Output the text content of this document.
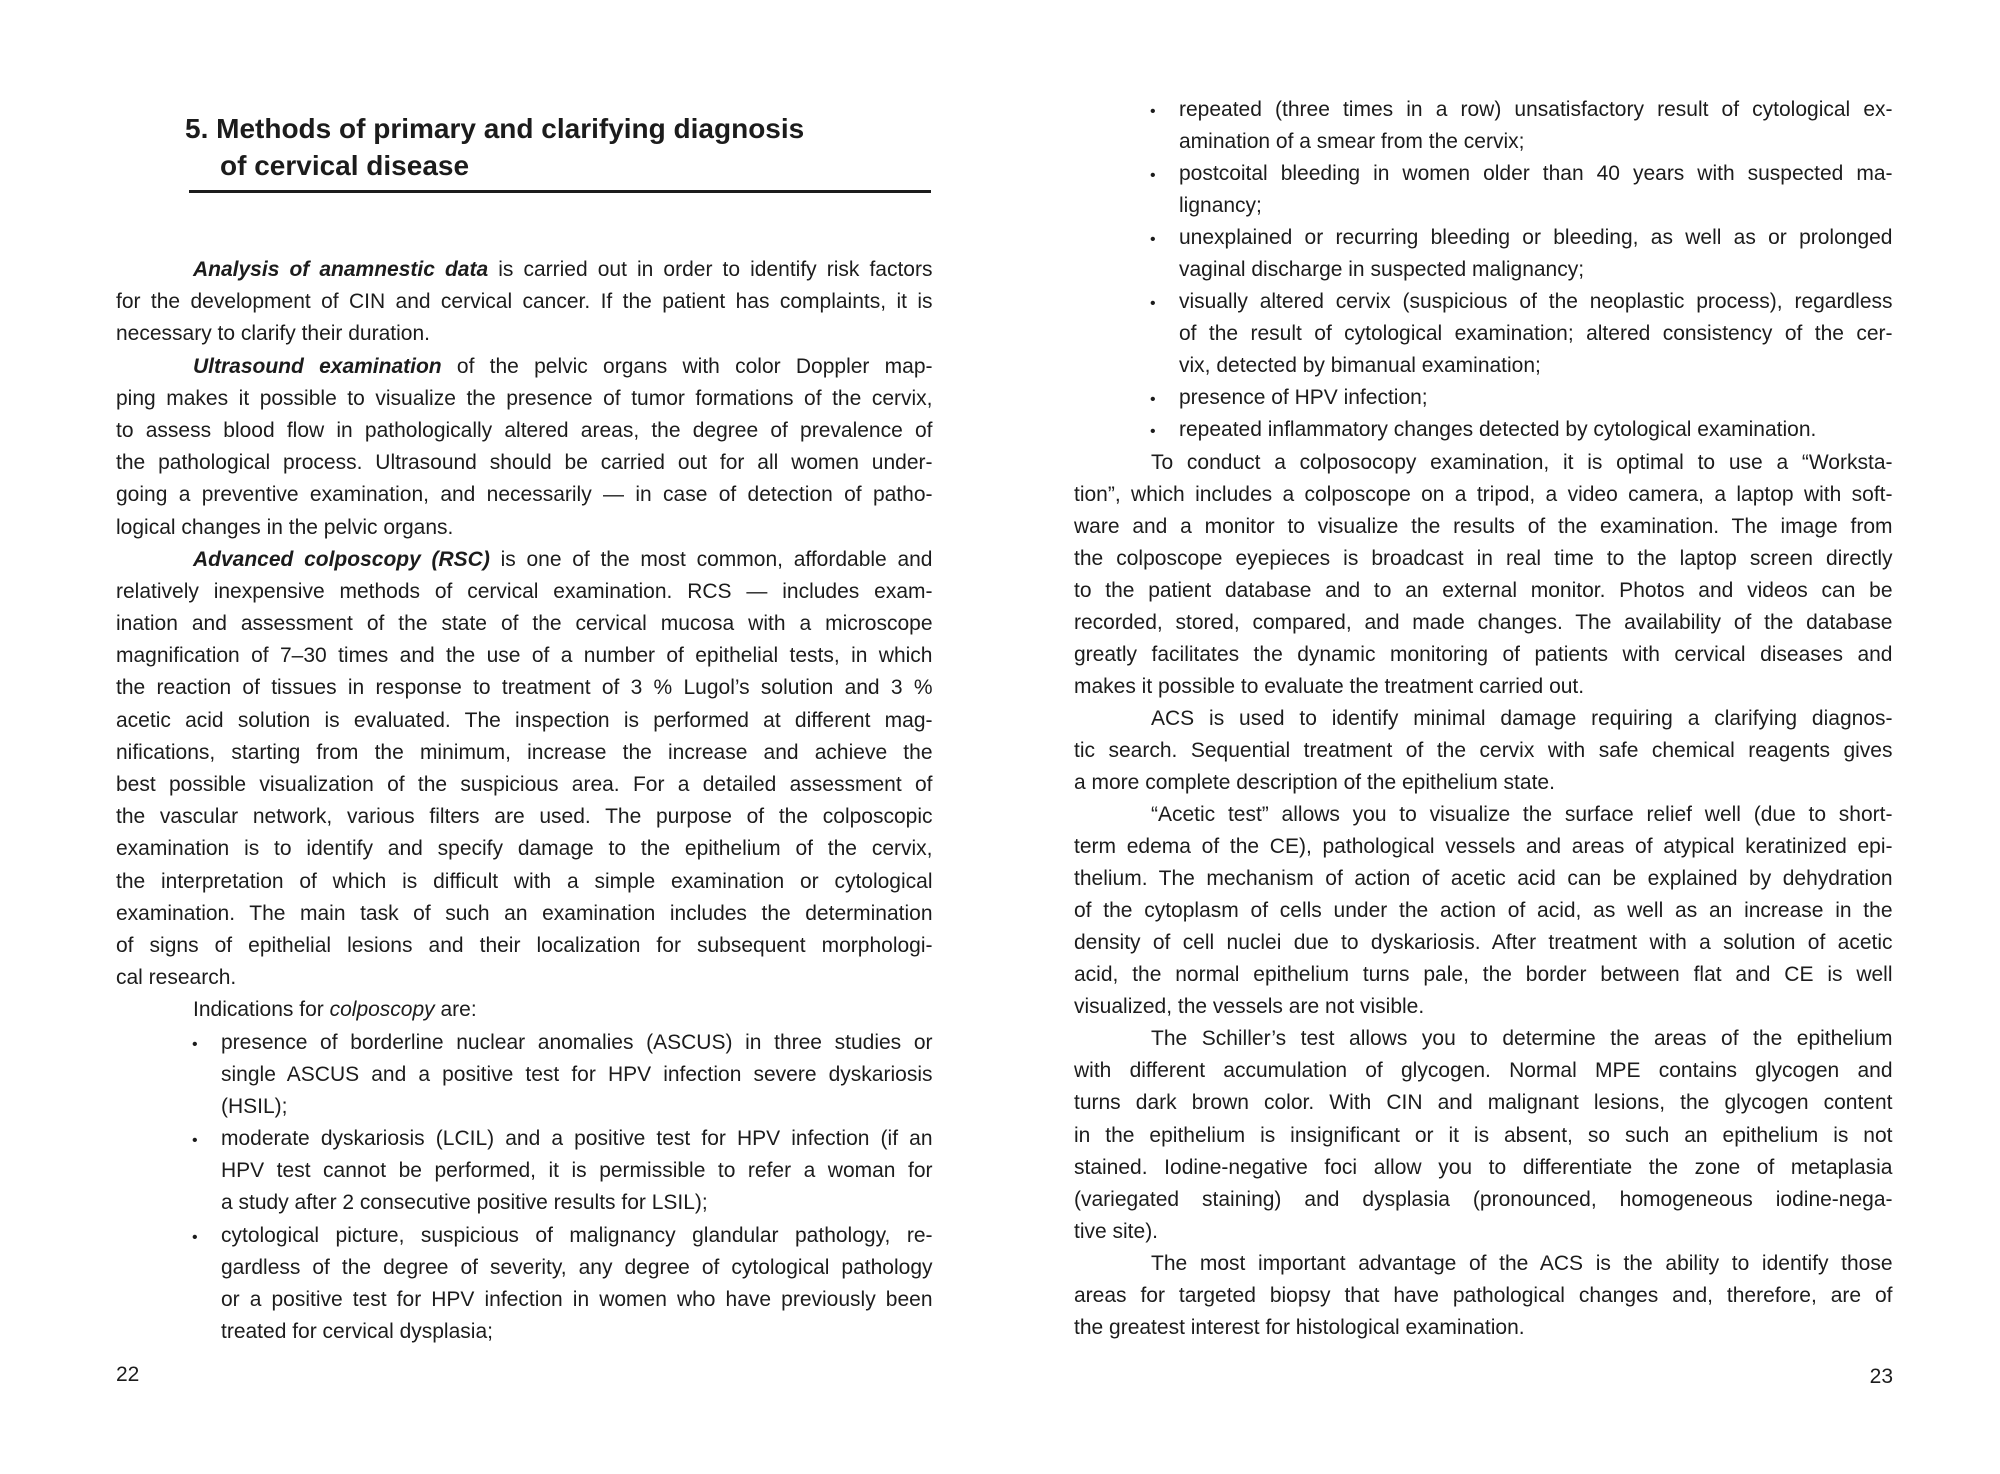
5. Methods of primary and clarifying diagnosis
of cervical disease
Analysis of anamnestic data is carried out in order to identify risk factors
for the development of CIN and cervical cancer. If the patient has complaints, it is
necessary to clarify their duration.
Ultrasound examination of the pelvic organs with color Doppler map-
ping makes it possible to visualize the presence of tumor formations of the cervix,
to assess blood flow in pathologically altered areas, the degree of prevalence of
the pathological process. Ultrasound should be carried out for all women under-
going a preventive examination, and necessarily — in case of detection of patho-
logical changes in the pelvic organs.
Advanced colposcopy (RSC) is one of the most common, affordable and
relatively inexpensive methods of cervical examination. RCS — includes exam-
ination and assessment of the state of the cervical mucosa with a microscope
magnification of 7–30 times and the use of a number of epithelial tests, in which
the reaction of tissues in response to treatment of 3 % Lugol’s solution and 3 %
acetic acid solution is evaluated. The inspection is performed at different mag-
nifications, starting from the minimum, increase the increase and achieve the
best possible visualization of the suspicious area. For a detailed assessment of
the vascular network, various filters are used. The purpose of the colposcopic
examination is to identify and specify damage to the epithelium of the cervix,
the interpretation of which is difficult with a simple examination or cytological
examination. The main task of such an examination includes the determination
of signs of epithelial lesions and their localization for subsequent morphologi-
cal research.
Indications for colposcopy are:
• presence of borderline nuclear anomalies (ASCUS) in three studies or
single ASCUS and a positive test for HPV infection severe dyskariosis
(HSIL);
• moderate dyskariosis (LCIL) and a positive test for HPV infection (if an
HPV test cannot be performed, it is permissible to refer a woman for
a study after 2 consecutive positive results for LSIL);
• cytological picture, suspicious of malignancy glandular pathology, re-
gardless of the degree of severity, any degree of cytological pathology
or a positive test for HPV infection in women who have previously been
treated for cervical dysplasia;
22
• repeated (three times in a row) unsatisfactory result of cytological ex-
amination of a smear from the cervix;
• postcoital bleeding in women older than 40 years with suspected ma-
lignancy;
• unexplained or recurring bleeding or bleeding, as well as or prolonged
vaginal discharge in suspected malignancy;
• visually altered cervix (suspicious of the neoplastic process), regardless
of the result of cytological examination; altered consistency of the cer-
vix, detected by bimanual examination;
• presence of HPV infection;
• repeated inflammatory changes detected by cytological examination.
To conduct a colposocopy examination, it is optimal to use a “Worksta-
tion”, which includes a colposcope on a tripod, a video camera, a laptop with soft-
ware and a monitor to visualize the results of the examination. The image from
the colposcope eyepieces is broadcast in real time to the laptop screen directly
to the patient database and to an external monitor. Photos and videos can be
recorded, stored, compared, and made changes. The availability of the database
greatly facilitates the dynamic monitoring of patients with cervical diseases and
makes it possible to evaluate the treatment carried out.
ACS is used to identify minimal damage requiring a clarifying diagnos-
tic search. Sequential treatment of the cervix with safe chemical reagents gives
a more complete description of the epithelium state.
“Acetic test” allows you to visualize the surface relief well (due to short-
term edema of the CE), pathological vessels and areas of atypical keratinized epi-
thelium. The mechanism of action of acetic acid can be explained by dehydration
of the cytoplasm of cells under the action of acid, as well as an increase in the
density of cell nuclei due to dyskariosis. After treatment with a solution of acetic
acid, the normal epithelium turns pale, the border between flat and CE is well
visualized, the vessels are not visible.
The Schiller’s test allows you to determine the areas of the epithelium
with different accumulation of glycogen. Normal MPE contains glycogen and
turns dark brown color. With CIN and malignant lesions, the glycogen content
in the epithelium is insignificant or it is absent, so such an epithelium is not
stained. Iodine-negative foci allow you to differentiate the zone of metaplasia
(variegated staining) and dysplasia (pronounced, homogeneous iodine-nega-
tive site).
The most important advantage of the ACS is the ability to identify those
areas for targeted biopsy that have pathological changes and, therefore, are of
the greatest interest for histological examination.
23
